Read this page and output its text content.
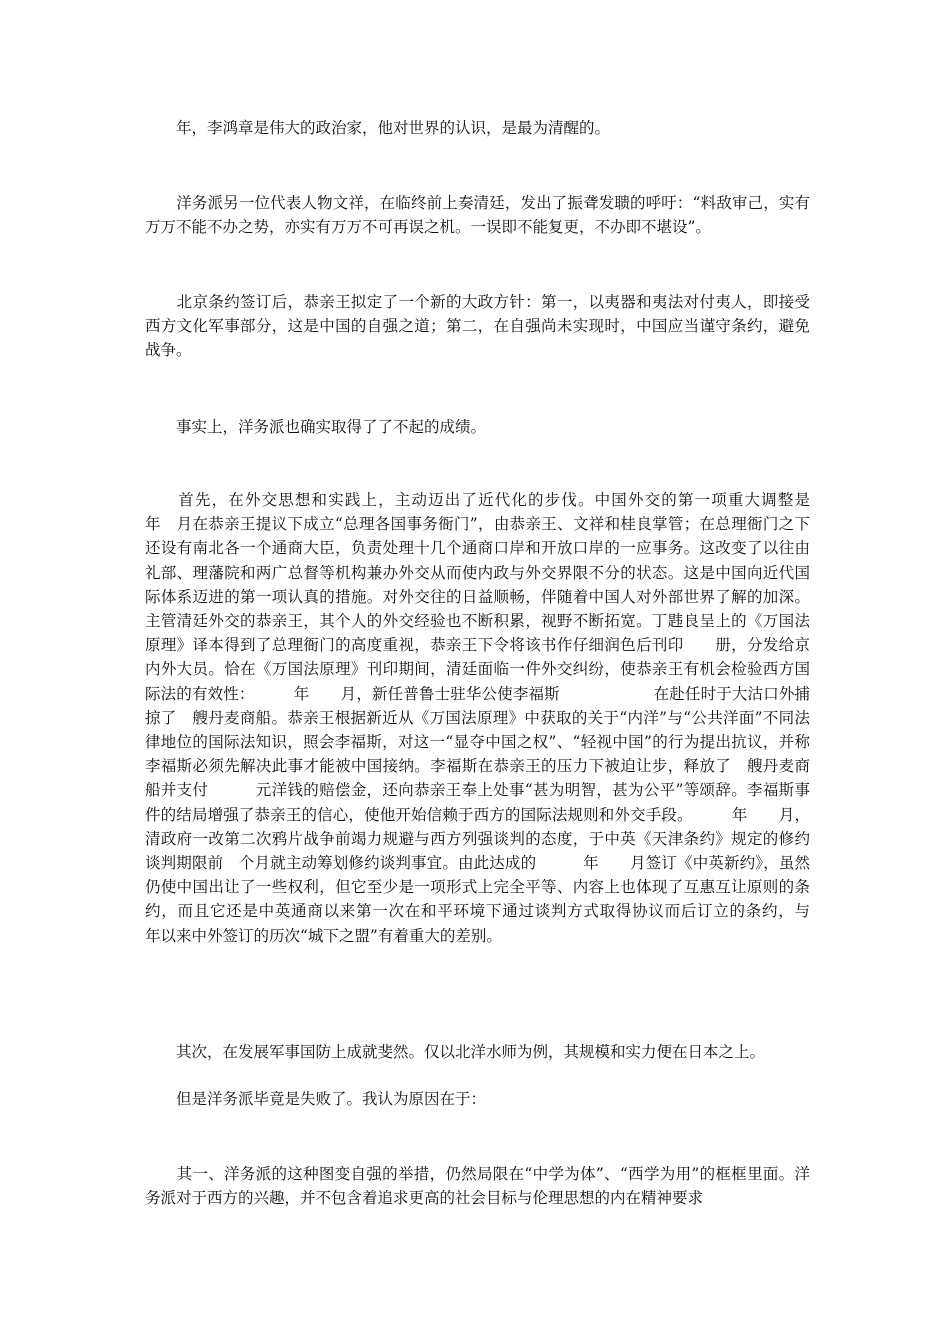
　　年，李鸿章是伟大的政治家，他对世界的认识，是最为清醒的。

　　洋务派另一位代表人物文祥，在临终前上奏清廷，发出了振聋发聩的呼吁：“料敌审己，实有万万不能不办之势，亦实有万万不可再误之机。一误即不能复更，不办即不堪设”。

　　北京条约签订后，恭亲王拟定了一个新的大政方针：第一，以夷器和夷法对付夷人，即接受西方文化军事部分，这是中国的自强之道；第二，在自强尚未实现时，中国应当谨守条约，避免战争。

　　事实上，洋务派也确实取得了了不起的成绩。

　　首先，在外交思想和实践上，主动迈出了近代化的步伐。中国外交的第一项重大调整是　　　年　月在恭亲王提议下成立“总理各国事务衙门”，由恭亲王、文祥和桂良掌管；在总理衙门之下还设有南北各一个通商大臣，负责处理十几个通商口岸和开放口岸的一应事务。这改变了以往由礼部、理藩院和两广总督等机构兼办外交从而使内政与外交界限不分的状态。这是中国向近代国际体系迈进的第一项认真的措施。对外交往的日益顺畅，伴随着中国人对外部世界了解的加深。主管清廷外交的恭亲王，其个人的外交经验也不断积累，视野不断拓宽。丁韪良呈上的《万国法原理》译本得到了总理衙门的高度重视，恭亲王下令将该书作仔细润色后刊印　　册，分发给京内外大员。恰在《万国法原理》刊印期间，清廷面临一件外交纠纷，使恭亲王有机会检验西方国际法的有效性：　　　年　　月，新任普鲁士驻华公使李福斯　　　　　　在赴任时于大沽口外捕掠了　艘丹麦商船。恭亲王根据新近从《万国法原理》中获取的关于“内洋”与“公共洋面”不同法律地位的国际法知识，照会李福斯，对这一“显夺中国之权”、“轻视中国”的行为提出抗议，并称李福斯必须先解决此事才能被中国接纳。李福斯在恭亲王的压力下被迫让步，释放了　艘丹麦商船并支付　　　元洋钱的赔偿金，还向恭亲王奉上处事“甚为明智，甚为公平”等颂辞。李福斯事件的结局增强了恭亲王的信心，使他开始信赖于西方的国际法规则和外交手段。　　　年　　月，清政府一改第二次鸦片战争前竭力规避与西方列强谈判的态度，于中英《天津条约》规定的修约谈判期限前　个月就主动筹划修约谈判事宜。由此达成的　　　年　　月签订《中英新约》，虽然仍使中国出让了一些权利，但它至少是一项形式上完全平等、内容上也体现了互惠互让原则的条约，而且它还是中英通商以来第一次在和平环境下通过谈判方式取得协议而后订立的条约，与　　　年以来中外签订的历次“城下之盟”有着重大的差别。

　　其次，在发展军事国防上成就斐然。仅以北洋水师为例，其规模和实力便在日本之上。

　　但是洋务派毕竟是失败了。我认为原因在于：

　　其一、洋务派的这种图变自强的举措，仍然局限在“中学为体”、“西学为用”的框框里面。洋务派对于西方的兴趣，并不包含着追求更高的社会目标与伦理思想的内在精神要求
